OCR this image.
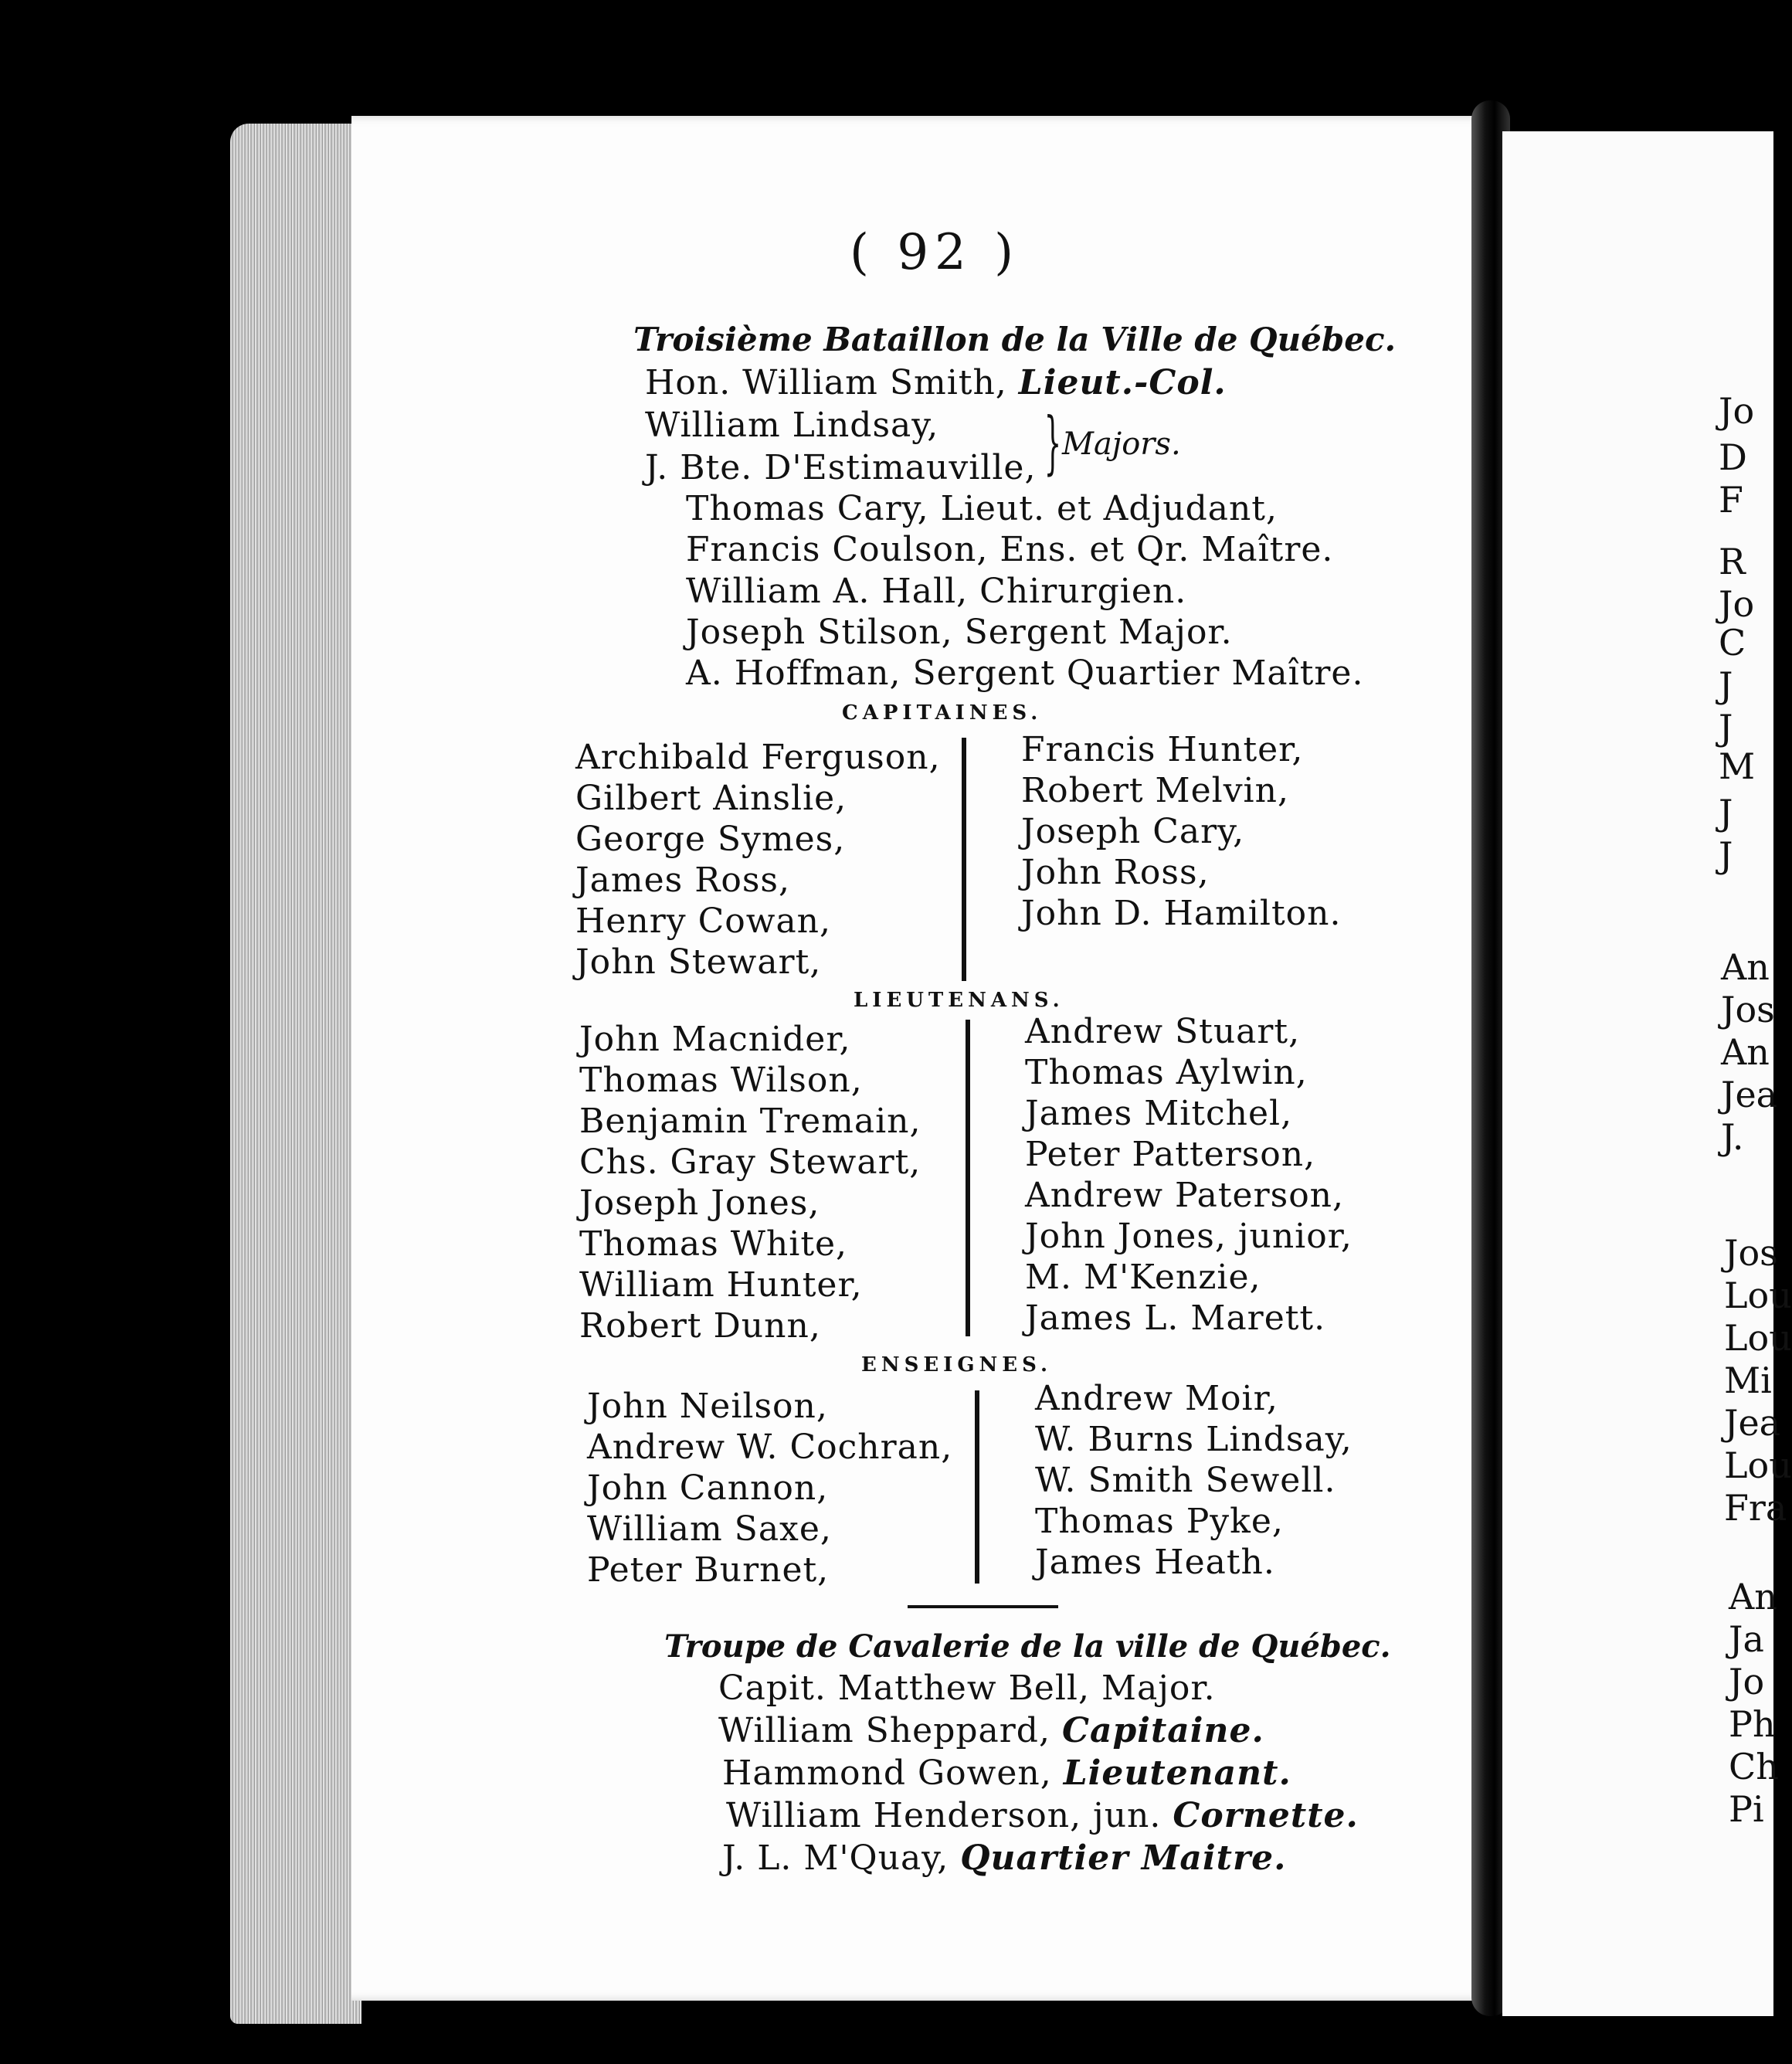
( 92 )
Troisième Bataillon de la Ville de Québec.
Hon. William Smith, Lieut.-Col.
William Lindsay,
J. Bte. D'Estimauville, } Majors.
Thomas Cary, Lieut. et Adjudant,
Francis Coulson, Ens. et Qr. Maître.
William A. Hall, Chirurgien.
Joseph Stilson, Sergent Major.
A. Hoffman, Sergent Quartier Maître.
CAPITAINES.
Archibald Ferguson,
Gilbert Ainslie,
George Symes,
James Ross,
Henry Cowan,
John Stewart,
Francis Hunter,
Robert Melvin,
Joseph Cary,
John Ross,
John D. Hamilton.
LIEUTENANS.
John Macnider,
Thomas Wilson,
Benjamin Tremain,
Chs. Gray Stewart,
Joseph Jones,
Thomas White,
William Hunter,
Robert Dunn,
Andrew Stuart,
Thomas Aylwin,
James Mitchel,
Peter Patterson,
Andrew Paterson,
John Jones, junior,
M. M'Kenzie,
James L. Marett.
ENSEIGNES.
John Neilson,
Andrew W. Cochran,
John Cannon,
William Saxe,
Peter Burnet,
Andrew Moir,
W. Burns Lindsay,
W. Smith Sewell.
Thomas Pyke,
James Heath.
Troupe de Cavalerie de la ville de Québec.
Capit. Matthew Bell, Major.
William Sheppard, Capitaine.
Hammond Gowen, Lieutenant.
William Henderson, jun. Cornette.
J. L. M'Quay, Quartier Maitre.
Jo
D
F
R
Jo
C
J
J
M
J
J
An
Jos
An
Jea
J.
Jos
Lou
Lou
Mi
Jea
Lou
Fra
An
Ja
Jo
Ph
Ch
Pi
